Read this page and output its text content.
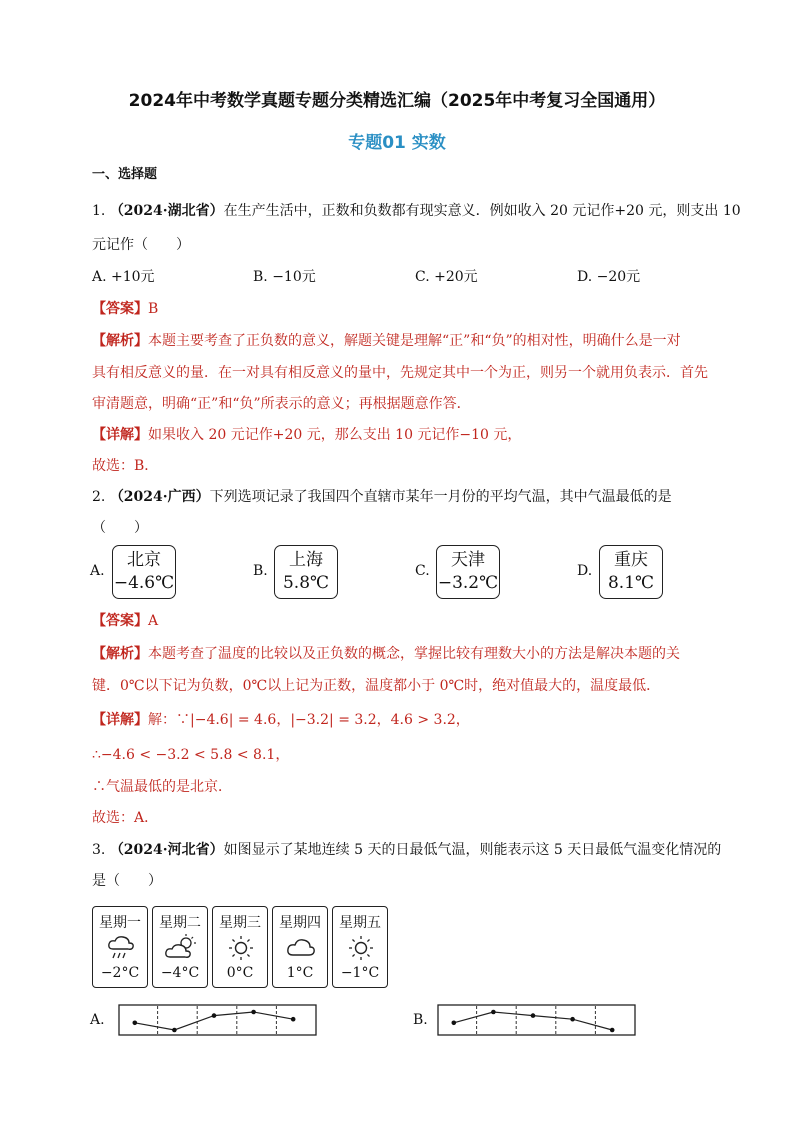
2024年中考数学真题专题分类精选汇编（2025年中考复习全国通用）
专题01 实数
一、选择题
1. （2024·湖北省）在生产生活中，正数和负数都有现实意义．例如收入 20 元记作+20 元，则支出 10
元记作（　　）
A. +10元	B. −10元	C. +20元	D. −20元
【答案】B
【解析】本题主要考查了正负数的意义，解题关键是理解“正”和“负”的相对性，明确什么是一对
具有相反意义的量．在一对具有相反意义的量中，先规定其中一个为正，则另一个就用负表示．首先
审清题意，明确“正”和“负”所表示的意义；再根据题意作答．
【详解】如果收入 20 元记作+20 元，那么支出 10 元记作−10 元，
故选：B．
2. （2024·广西）下列选项记录了我国四个直辖市某年一月份的平均气温，其中气温最低的是
（　　）
A.
北京
−4.6℃
B.
上海
5.8℃
C.
天津
−3.2℃
D.
重庆
8.1℃
【答案】A
【解析】本题考查了温度的比较以及正负数的概念，掌握比较有理数大小的方法是解决本题的关
键．0℃以下记为负数，0℃以上记为正数，温度都小于 0℃时，绝对值最大的，温度最低．
【详解】解：∵|−4.6| = 4.6，|−3.2| = 3.2，4.6 > 3.2，
∴−4.6 < −3.2 < 5.8 < 8.1，
∴气温最低的是北京．
故选：A．
3. （2024·河北省）如图显示了某地连续 5 天的日最低气温，则能表示这 5 天日最低气温变化情况的
是（　　）
星期一
−2°C
星期二
−4°C
星期三
0°C
星期四
1°C
星期五
−1°C
A.	B.
